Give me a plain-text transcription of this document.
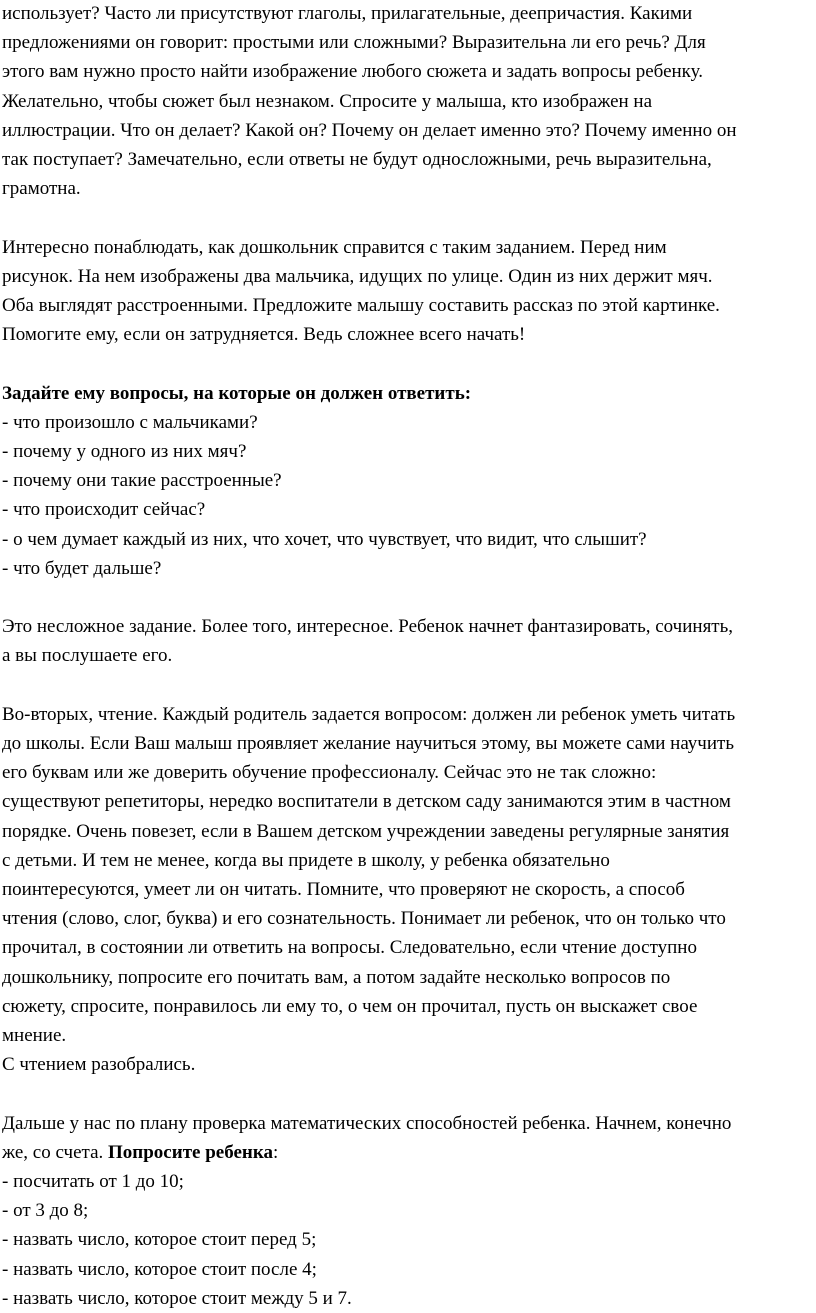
использует? Часто ли присутствуют глаголы, прилагательные, деепричастия. Какими
предложениями он говорит: простыми или сложными? Выразительна ли его речь? Для
этого вам нужно просто найти изображение любого сюжета и задать вопросы ребенку.
Желательно, чтобы сюжет был незнаком. Спросите у малыша, кто изображен на
иллюстрации. Что он делает? Какой он? Почему он делает именно это? Почему именно он
так поступает? Замечательно, если ответы не будут односложными, речь выразительна,
грамотна.
Интересно понаблюдать, как дошкольник справится с таким заданием. Перед ним
рисунок. На нем изображены два мальчика, идущих по улице. Один из них держит мяч.
Оба выглядят расстроенными. Предложите малышу составить рассказ по этой картинке.
Помогите ему, если он затрудняется. Ведь сложнее всего начать!
Задайте ему вопросы, на которые он должен ответить:
- что произошло с мальчиками?
- почему у одного из них мяч?
- почему они такие расстроенные?
- что происходит сейчас?
- о чем думает каждый из них, что хочет, что чувствует, что видит, что слышит?
- что будет дальше?
Это несложное задание. Более того, интересное. Ребенок начнет фантазировать, сочинять,
а вы послушаете его.
Во-вторых, чтение. Каждый родитель задается вопросом: должен ли ребенок уметь читать
до школы. Если Ваш малыш проявляет желание научиться этому, вы можете сами научить
его буквам или же доверить обучение профессионалу. Сейчас это не так сложно:
существуют репетиторы, нередко воспитатели в детском саду занимаются этим в частном
порядке. Очень повезет, если в Вашем детском учреждении заведены регулярные занятия
с детьми. И тем не менее, когда вы придете в школу, у ребенка обязательно
поинтересуются, умеет ли он читать. Помните, что проверяют не скорость, а способ
чтения (слово, слог, буква) и его сознательность. Понимает ли ребенок, что он только что
прочитал, в состоянии ли ответить на вопросы. Следовательно, если чтение доступно
дошкольнику, попросите его почитать вам, а потом задайте несколько вопросов по
сюжету, спросите, понравилось ли ему то, о чем он прочитал, пусть он выскажет свое
мнение.
С чтением разобрались.
Дальше у нас по плану проверка математических способностей ребенка. Начнем, конечно
же, со счета. Попросите ребенка:
- посчитать от 1 до 10;
- от 3 до 8;
- назвать число, которое стоит перед 5;
- назвать число, которое стоит после 4;
- назвать число, которое стоит между 5 и 7.
